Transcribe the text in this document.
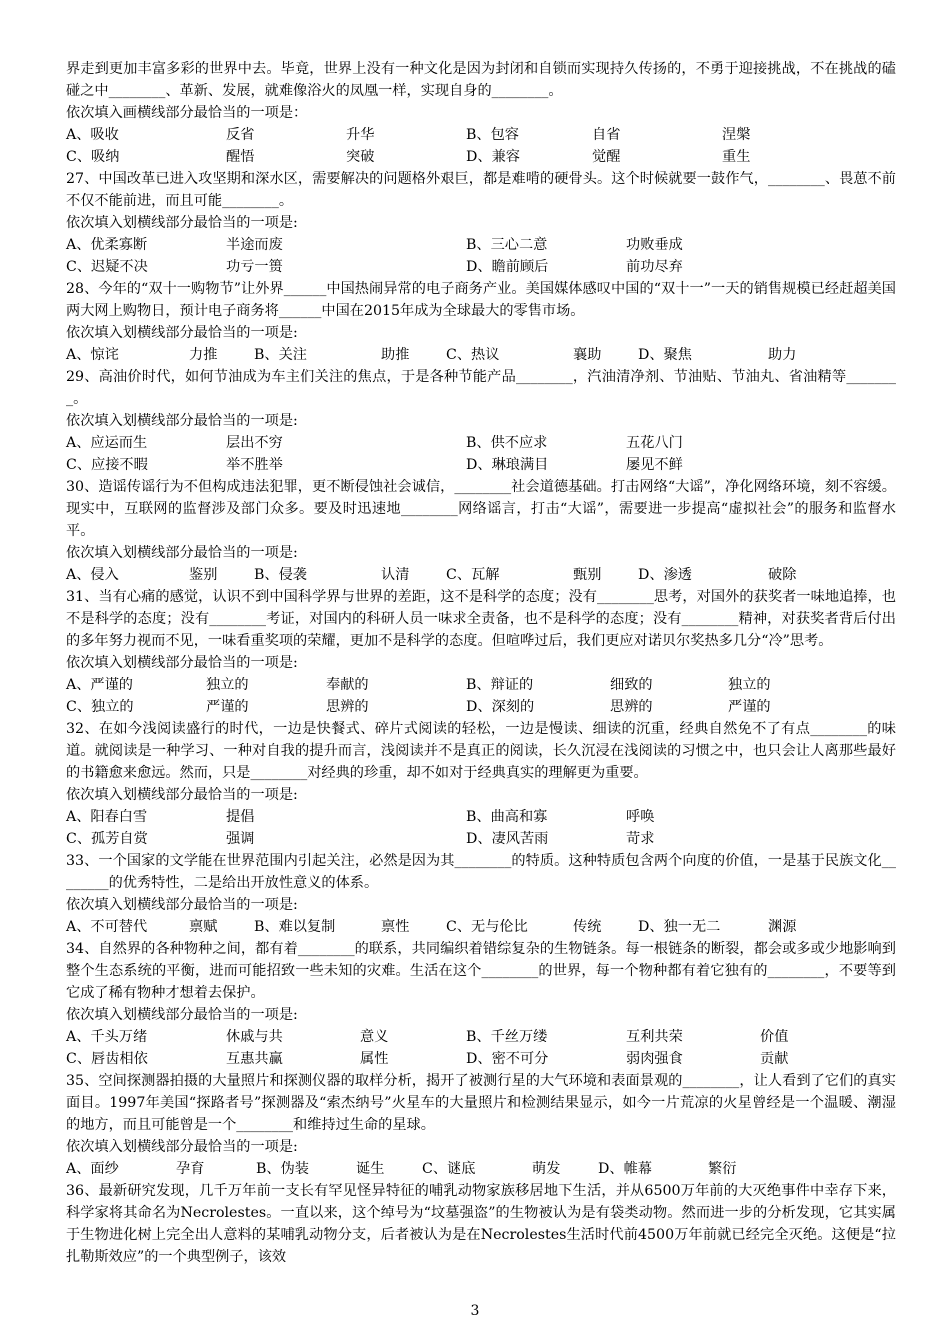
界走到更加丰富多彩的世界中去。毕竟，世界上没有一种文化是因为封闭和自锁而实现持久传扬的，不勇于迎接挑战，不在挑战的磕碰之中________、革新、发展，就难像浴火的凤凰一样，实现自身的________。

依次填入画横线部分最恰当的一项是：

A、吸收	反省	升华	B、包容	自省	涅槃
C、吸纳	醒悟	突破	D、兼容	觉醒	重生

27、中国改革已进入攻坚期和深水区，需要解决的问题格外艰巨，都是难啃的硬骨头。这个时候就要一鼓作气，________、畏葸不前不仅不能前进，而且可能________。

依次填入划横线部分最恰当的一项是:

A、优柔寡断	半途而废	B、三心二意	功败垂成
C、迟疑不决	功亏一篑	D、瞻前顾后	前功尽弃

28、今年的“双十一购物节”让外界______中国热闹异常的电子商务产业。美国媒体感叹中国的“双十一”一天的销售规模已经赶超美国两大网上购物日，预计电子商务将______中国在2015年成为全球最大的零售市场。

依次填入划横线部分最恰当的一项是:

A、惊诧	力推	B、关注	助推	C、热议	襄助	D、聚焦	助力

29、高油价时代，如何节油成为车主们关注的焦点，于是各种节能产品________，汽油清净剂、节油贴、节油丸、省油精等________。

依次填入划横线部分最恰当的一项是:

A、应运而生	层出不穷	B、供不应求	五花八门
C、应接不暇	举不胜举	D、琳琅满目	屡见不鲜

30、造谣传谣行为不但构成违法犯罪，更不断侵蚀社会诚信，________社会道德基础。打击网络“大谣”，净化网络环境，刻不容缓。现实中，互联网的监督涉及部门众多。要及时迅速地________网络谣言，打击“大谣”，需要进一步提高“虚拟社会”的服务和监督水平。

依次填入划横线部分最恰当的一项是:

A、侵入	鉴别	B、侵袭	认清	C、瓦解	甄别	D、渗透	破除

31、当有心痛的感觉，认识不到中国科学界与世界的差距，这不是科学的态度；没有________思考，对国外的获奖者一味地追捧，也不是科学的态度；没有________考证，对国内的科研人员一味求全责备，也不是科学的态度；没有________精神，对获奖者背后付出的多年努力视而不见，一味看重奖项的荣耀，更加不是科学的态度。但喧哗过后，我们更应对诺贝尔奖热多几分“冷”思考。

依次填入划横线部分最恰当的一项是:

A、严谨的	独立的	奉献的	B、辩证的	细致的	独立的
C、独立的	严谨的	思辨的	D、深刻的	思辨的	严谨的

32、在如今浅阅读盛行的时代，一边是快餐式、碎片式阅读的轻松，一边是慢读、细读的沉重，经典自然免不了有点________的味道。就阅读是一种学习、一种对自我的提升而言，浅阅读并不是真正的阅读，长久沉浸在浅阅读的习惯之中，也只会让人离那些最好的书籍愈来愈远。然而，只是________对经典的珍重，却不如对于经典真实的理解更为重要。

依次填入划横线部分最恰当的一项是:

A、阳春白雪	提倡	B、曲高和寡	呼唤
C、孤芳自赏	强调	D、凄风苦雨	苛求

33、一个国家的文学能在世界范围内引起关注，必然是因为其________的特质。这种特质包含两个向度的价值，一是基于民族文化________的优秀特性，二是给出开放性意义的体系。

依次填入划横线部分最恰当的一项是:

A、不可替代	禀赋	B、难以复制	禀性	C、无与伦比	传统	D、独一无二	渊源

34、自然界的各种物种之间，都有着________的联系，共同编织着错综复杂的生物链条。每一根链条的断裂，都会或多或少地影响到整个生态系统的平衡，进而可能招致一些未知的灾难。生活在这个________的世界，每一个物种都有着它独有的________，不要等到它成了稀有物种才想着去保护。

依次填入划横线部分最恰当的一项是:

A、千头万绪	休戚与共	意义	B、千丝万缕	互利共荣	价值
C、唇齿相依	互惠共赢	属性	D、密不可分	弱肉强食	贡献

35、空间探测器拍摄的大量照片和探测仪器的取样分析，揭开了被测行星的大气环境和表面景观的________，让人看到了它们的真实面目。1997年美国“探路者号”探测器及“索杰纳号”火星车的大量照片和检测结果显示，如今一片荒凉的火星曾经是一个温暖、潮湿的地方，而且可能曾是一个________和维持过生命的星球。

依次填入划横线部分最恰当的一项是:

A、面纱	孕育	B、伪装	诞生	C、谜底	萌发	D、帷幕	繁衍

36、最新研究发现，几千万年前一支长有罕见怪异特征的哺乳动物家族移居地下生活，并从6500万年前的大灭绝事件中幸存下来，科学家将其命名为Necrolestes。一直以来，这个绰号为“坟墓强盗”的生物被认为是有袋类动物。然而进一步的分析发现，它其实属于生物进化树上完全出人意料的某哺乳动物分支，后者被认为是在Necrolestes生活时代前4500万年前就已经完全灭绝。这便是“拉扎勒斯效应”的一个典型例子，该效

3
